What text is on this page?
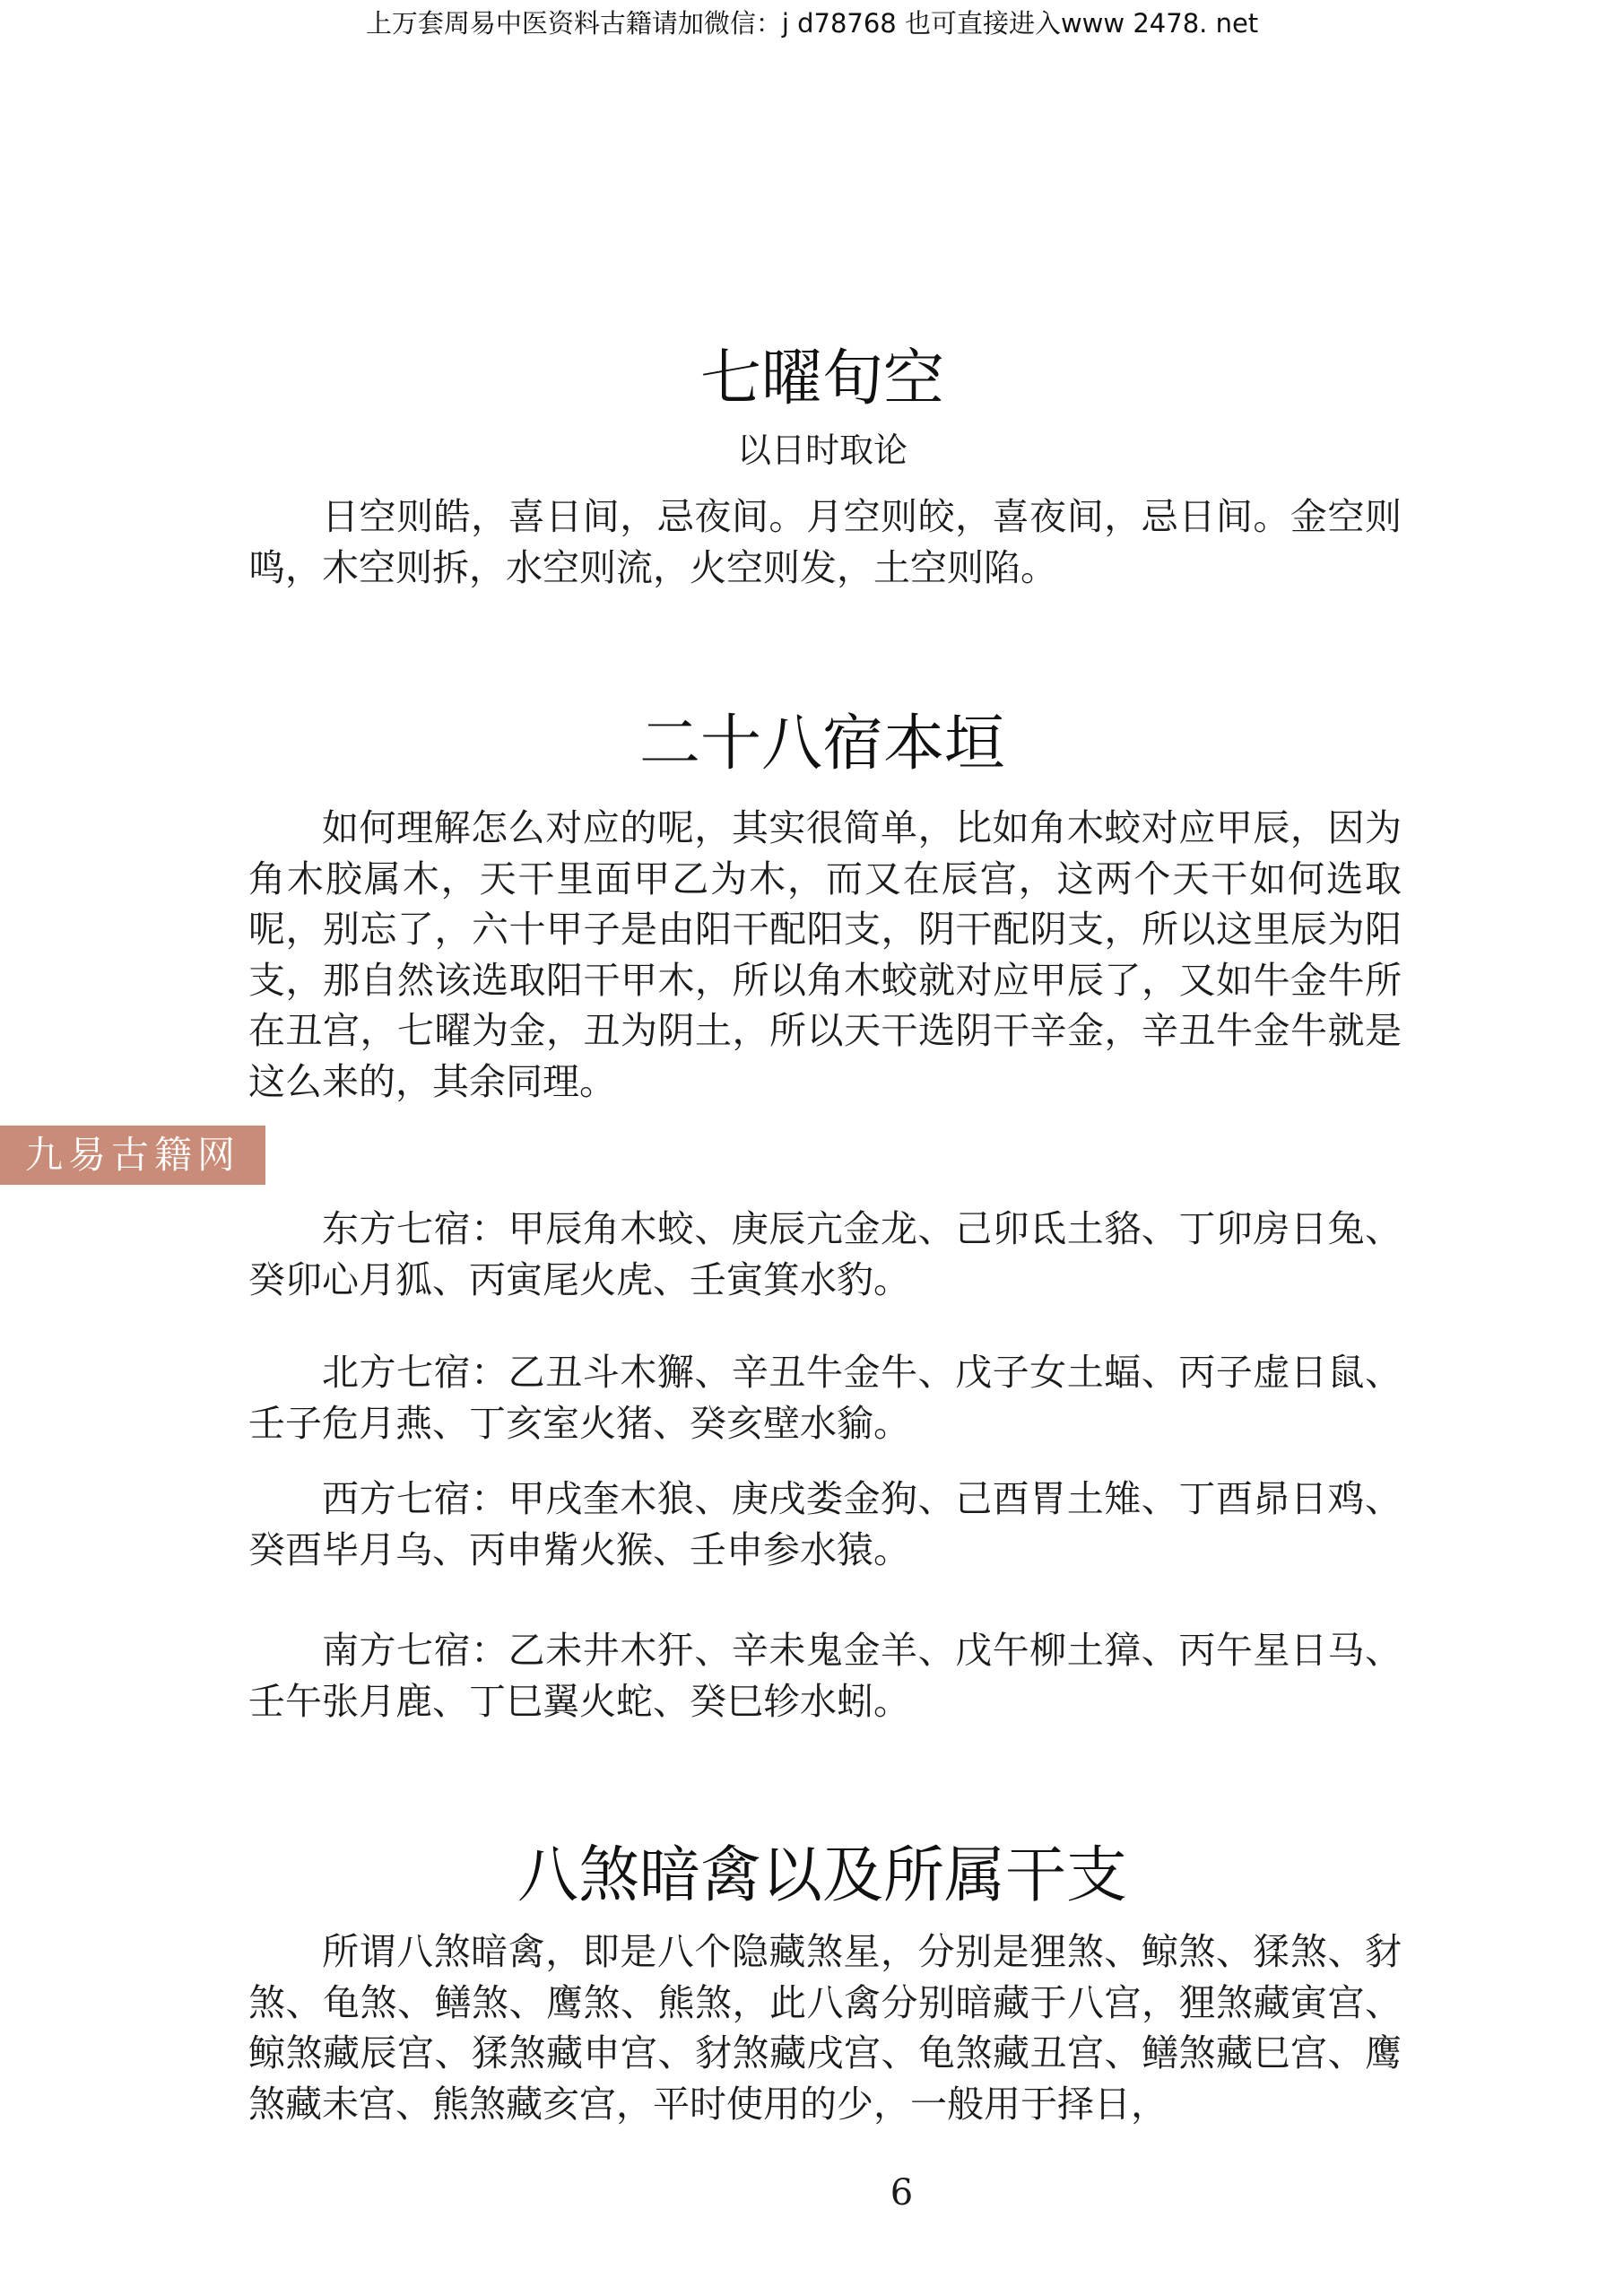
上万套周易中医资料古籍请加微信：j d78768 也可直接进入www 2478. net
七曜旬空
以日时取论

日空则皓，喜日间，忌夜间。月空则皎，喜夜间，忌日间。金空则鸣，木空则拆，水空则流，火空则发，土空则陷。

二十八宿本垣

如何理解怎么对应的呢，其实很简单，比如角木蛟对应甲辰，因为角木胶属木，天干里面甲乙为木，而又在辰宫，这两个天干如何选取呢，别忘了，六十甲子是由阳干配阳支，阴干配阴支，所以这里辰为阳支，那自然该选取阳干甲木，所以角木蛟就对应甲辰了，又如牛金牛所在丑宫，七曜为金，丑为阴土，所以天干选阴干辛金，辛丑牛金牛就是这么来的，其余同理。

九易古籍网

东方七宿：甲辰角木蛟、庚辰亢金龙、己卯氐土貉、丁卯房日兔、 癸卯心月狐、丙寅尾火虎、壬寅箕水豹。

北方七宿：乙丑斗木獬、辛丑牛金牛、戊子女土蝠、丙子虚日鼠、 壬子危月燕、丁亥室火猪、癸亥壁水貐。

西方七宿：甲戌奎木狼、庚戌娄金狗、己酉胃土雉、丁酉昴日鸡、 癸酉毕月乌、丙申觜火猴、壬申参水猿。

南方七宿：乙未井木犴、辛未鬼金羊、戊午柳土獐、丙午星日马、 壬午张月鹿、丁巳翼火蛇、癸巳轸水蚓。

八煞暗禽以及所属干支

所谓八煞暗禽，即是八个隐藏煞星，分别是狸煞、鲸煞、猱煞、豺煞、龟煞、鳝煞、鹰煞、熊煞，此八禽分别暗藏于八宫，狸煞藏寅宫、鲸煞藏辰宫、猱煞藏申宫、豺煞藏戌宫、龟煞藏丑宫、鳝煞藏巳宫、鹰煞藏未宫、熊煞藏亥宫，平时使用的少，一般用于择日，

6
